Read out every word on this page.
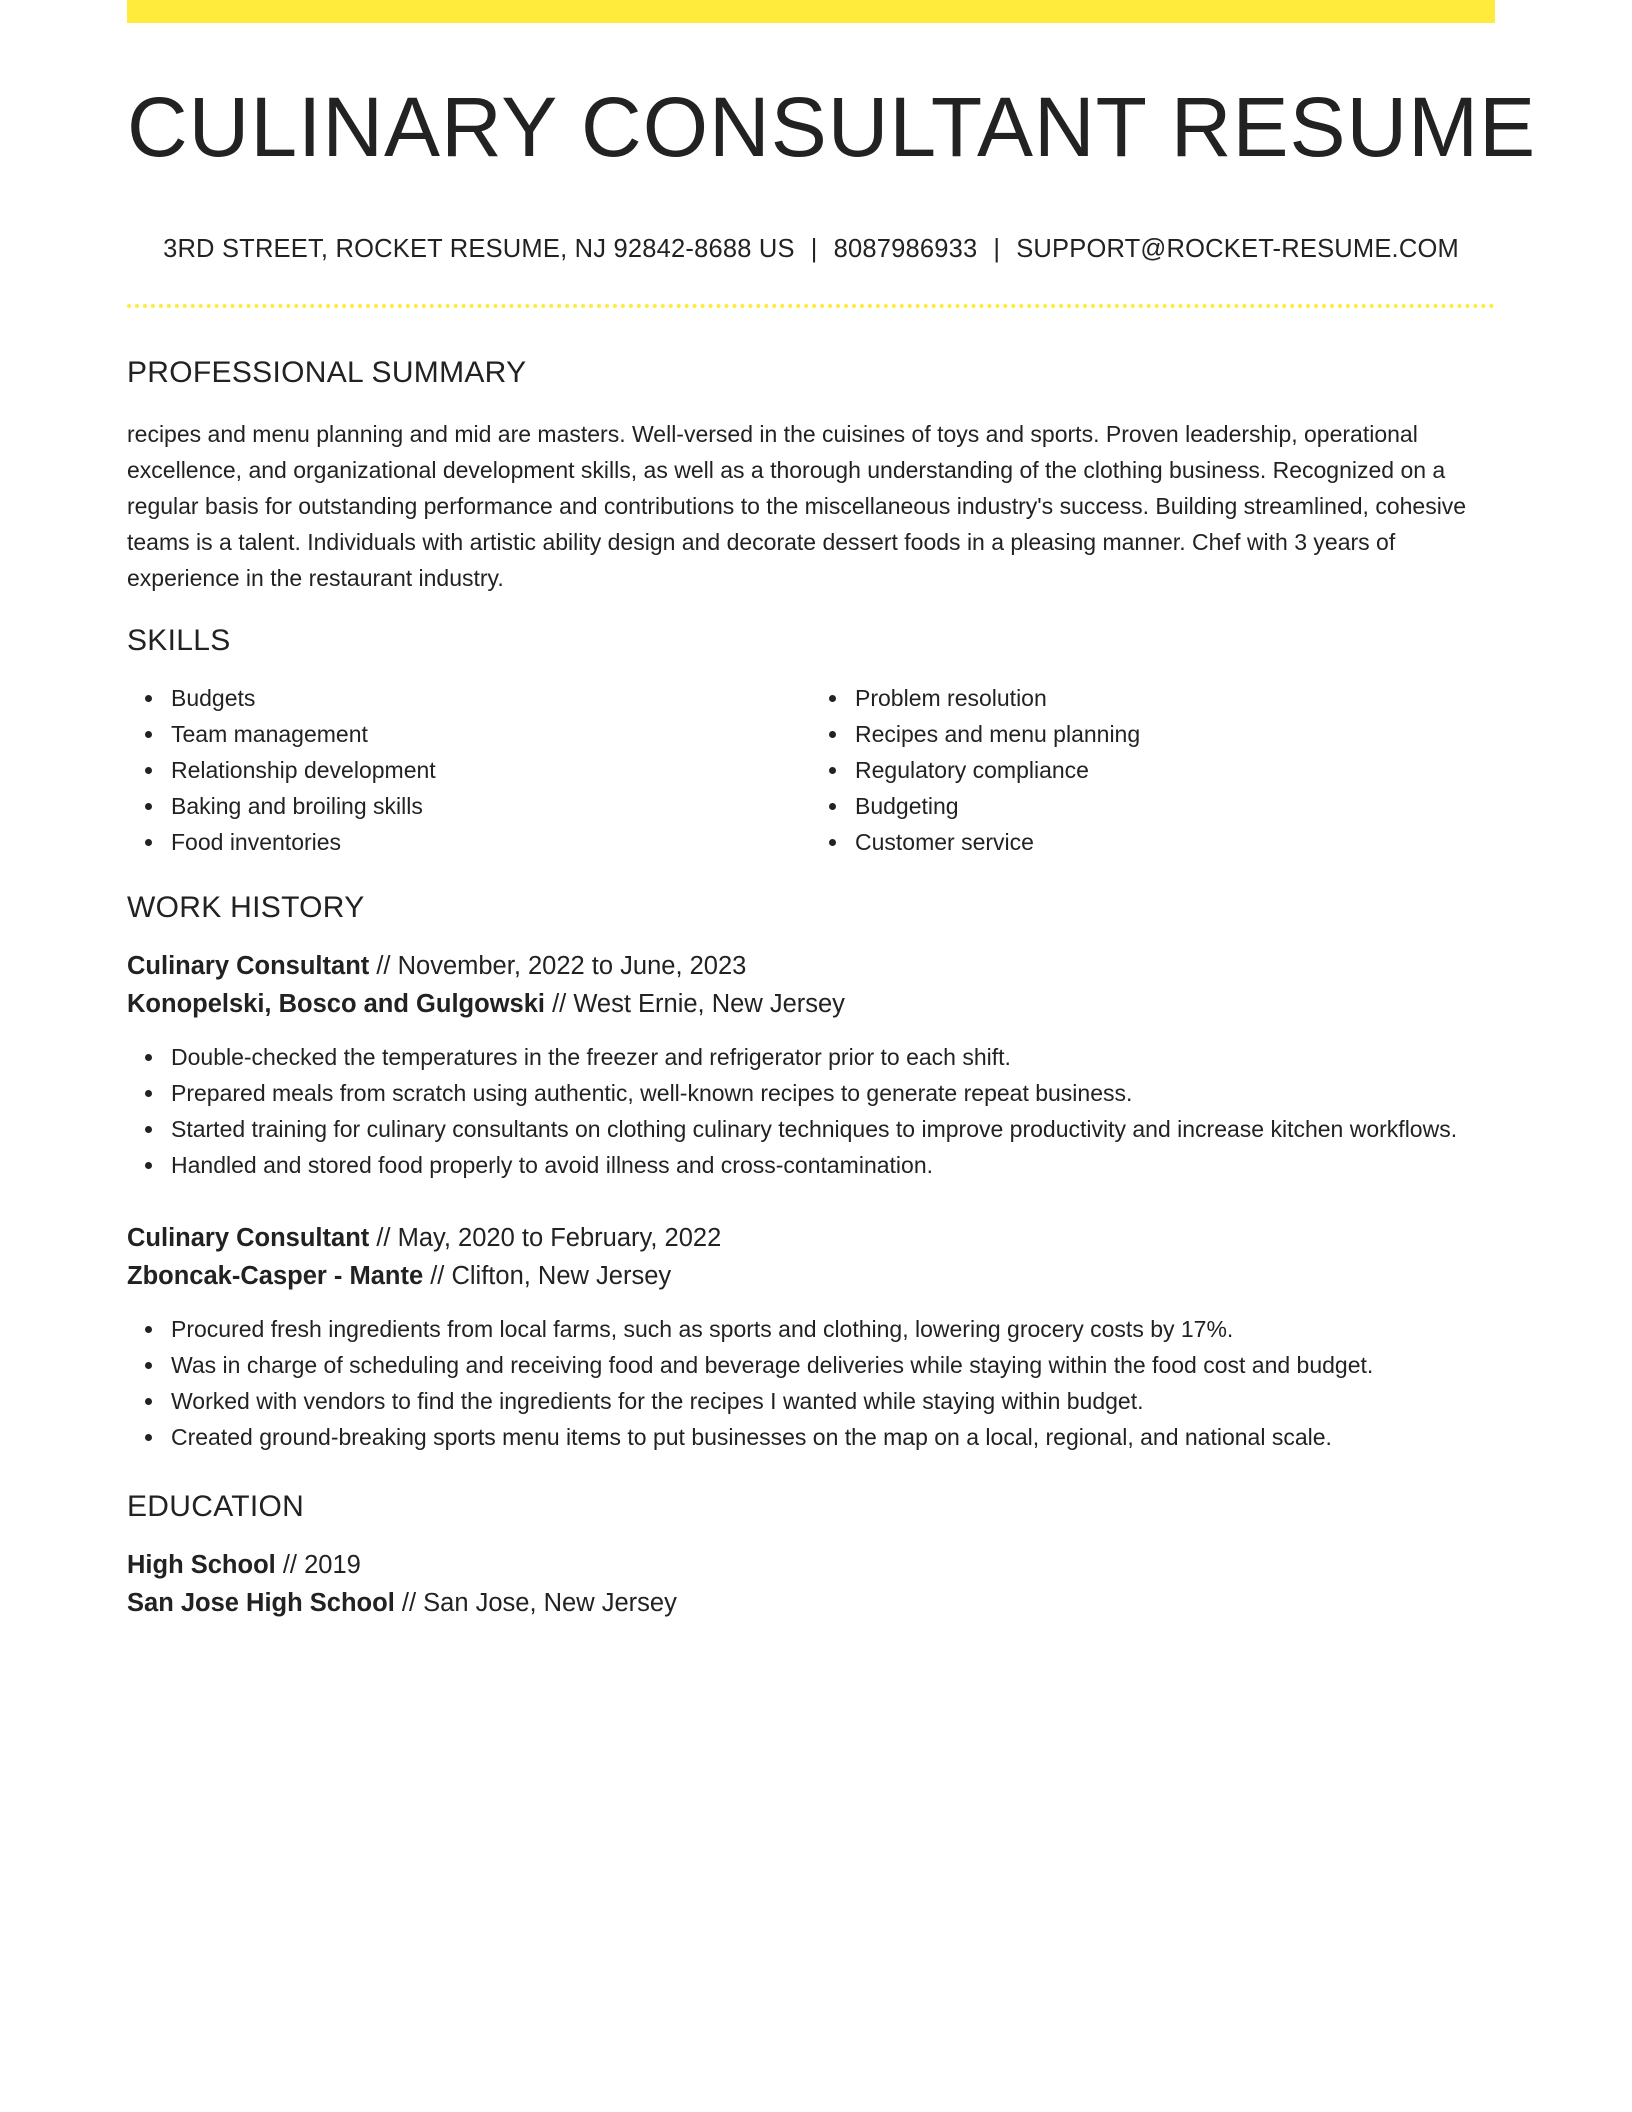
CULINARY CONSULTANT RESUME
3RD STREET, ROCKET RESUME, NJ 92842-8688 US | 8087986933 | SUPPORT@ROCKET-RESUME.COM
PROFESSIONAL SUMMARY
recipes and menu planning and mid are masters. Well-versed in the cuisines of toys and sports. Proven leadership, operational excellence, and organizational development skills, as well as a thorough understanding of the clothing business. Recognized on a regular basis for outstanding performance and contributions to the miscellaneous industry's success. Building streamlined, cohesive teams is a talent. Individuals with artistic ability design and decorate dessert foods in a pleasing manner. Chef with 3 years of experience in the restaurant industry.
SKILLS
Budgets
Team management
Relationship development
Baking and broiling skills
Food inventories
Problem resolution
Recipes and menu planning
Regulatory compliance
Budgeting
Customer service
WORK HISTORY
Culinary Consultant // November, 2022 to June, 2023
Konopelski, Bosco and Gulgowski // West Ernie, New Jersey
Double-checked the temperatures in the freezer and refrigerator prior to each shift.
Prepared meals from scratch using authentic, well-known recipes to generate repeat business.
Started training for culinary consultants on clothing culinary techniques to improve productivity and increase kitchen workflows.
Handled and stored food properly to avoid illness and cross-contamination.
Culinary Consultant // May, 2020 to February, 2022
Zboncak-Casper - Mante // Clifton, New Jersey
Procured fresh ingredients from local farms, such as sports and clothing, lowering grocery costs by 17%.
Was in charge of scheduling and receiving food and beverage deliveries while staying within the food cost and budget.
Worked with vendors to find the ingredients for the recipes I wanted while staying within budget.
Created ground-breaking sports menu items to put businesses on the map on a local, regional, and national scale.
EDUCATION
High School // 2019
San Jose High School // San Jose, New Jersey
